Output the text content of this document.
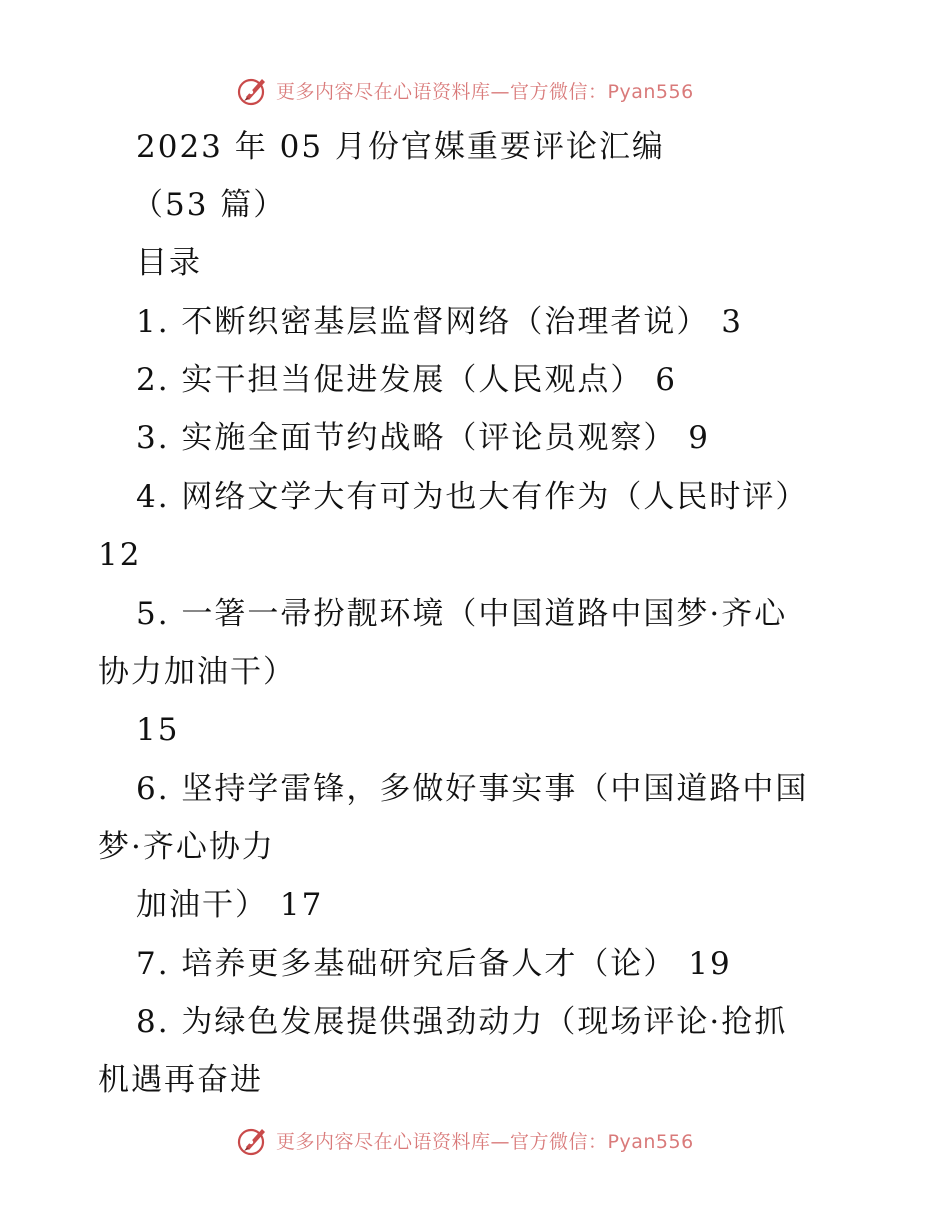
更多内容尽在心语资料库—官方微信：Pyan556
2023 年 05 月份官媒重要评论汇编
（53 篇）
目录
1. 不断织密基层监督网络（治理者说） 3
2. 实干担当促进发展（人民观点） 6
3. 实施全面节约战略（评论员观察） 9
4. 网络文学大有可为也大有作为（人民时评）
12
5. 一箸一帚扮靓环境（中国道路中国梦·齐心
协力加油干）
15
6. 坚持学雷锋，多做好事实事（中国道路中国
梦·齐心协力
加油干） 17
7. 培养更多基础研究后备人才（论） 19
8. 为绿色发展提供强劲动力（现场评论·抢抓
机遇再奋进
更多内容尽在心语资料库—官方微信：Pyan556
